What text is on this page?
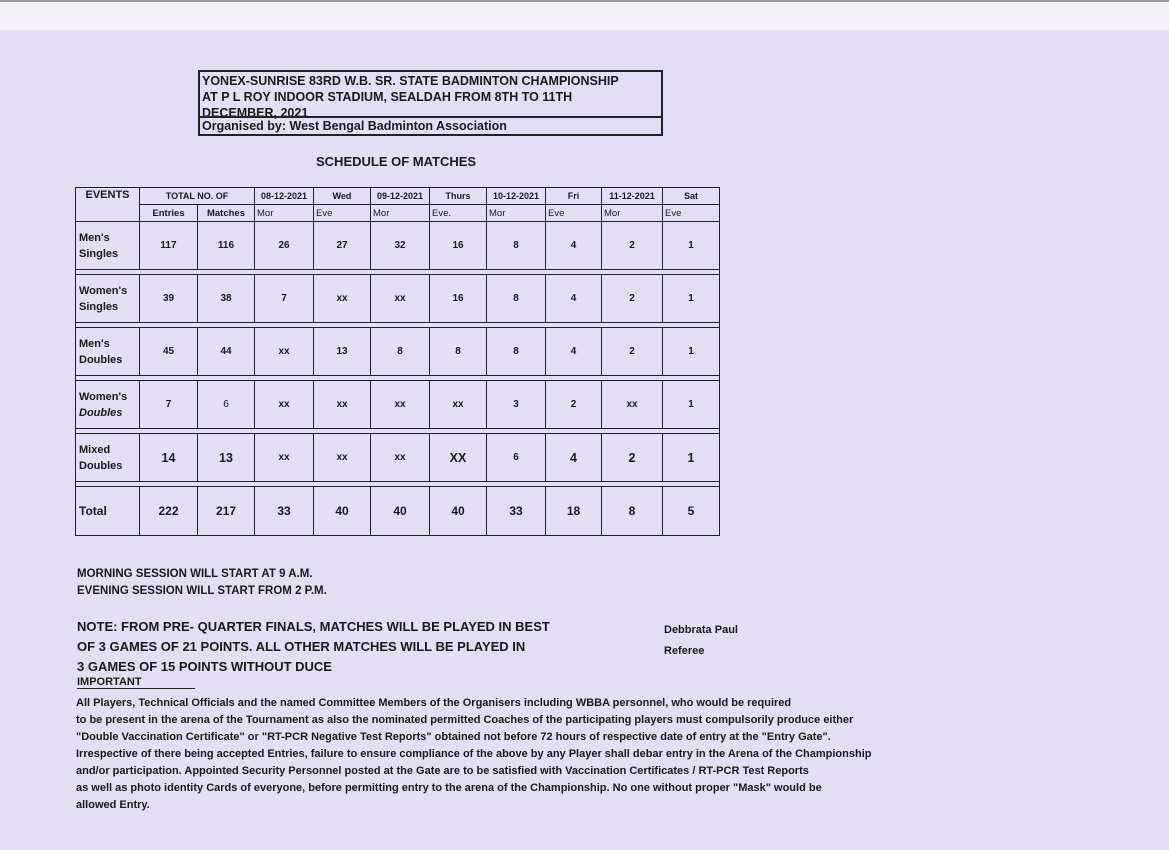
YONEX-SUNRISE 83RD W.B. SR. STATE BADMINTON CHAMPIONSHIP
AT P L ROY INDOOR STADIUM, SEALDAH FROM 8TH TO 11TH
DECEMBER, 2021
Organised by: West Bengal Badminton Association
SCHEDULE OF MATCHES
EVENTS	TOTAL NO. OF		08-12-2021	Wed	09-12-2021	Thurs	10-12-2021	Fri	11-12-2021	Sat
	Entries	Matches	Mor	Eve	Mor	Eve.	Mor	Eve	Mor	Eve

Men's
Singles	117	116	26	27	32	16	8	4	2	1

Women's
Singles	39	38	7	xx	xx	16	8	4	2	1

Men's
Doubles	45	44	xx	13	8	8	8	4	2	1

Women's
Doubles	7	6	xx	xx	xx	xx	3	2	xx	1

Mixed
Doubles	14	13	xx	xx	xx	XX	6	4	2	1

Total	222	217	33	40	40	40	33	18	8	5
MORNING SESSION WILL START AT 9 A.M.
EVENING SESSION WILL START FROM 2 P.M.
NOTE: FROM PRE- QUARTER FINALS, MATCHES WILL BE PLAYED IN BEST
OF 3 GAMES OF 21 POINTS. ALL OTHER MATCHES WILL BE PLAYED IN
3 GAMES OF 15 POINTS WITHOUT DUCE
Debbrata Paul
Referee
IMPORTANT
All Players, Technical Officials and the named Committee Members of the Organisers including WBBA personnel, who would be required
to be present in the arena of the Tournament as also the nominated permitted Coaches of the participating players must compulsorily produce either
"Double Vaccination Certificate" or "RT-PCR Negative Test Reports" obtained not before 72 hours of respective date of entry at the "Entry Gate".
Irrespective of there being accepted Entries, failure to ensure compliance of the above by any Player shall debar entry in the Arena of the Championship
and/or participation. Appointed Security Personnel posted at the Gate are to be satisfied with Vaccination Certificates / RT-PCR Test Reports
as well as photo identity Cards of everyone, before permitting entry to the arena of the Championship. No one without proper "Mask" would be
allowed Entry.
